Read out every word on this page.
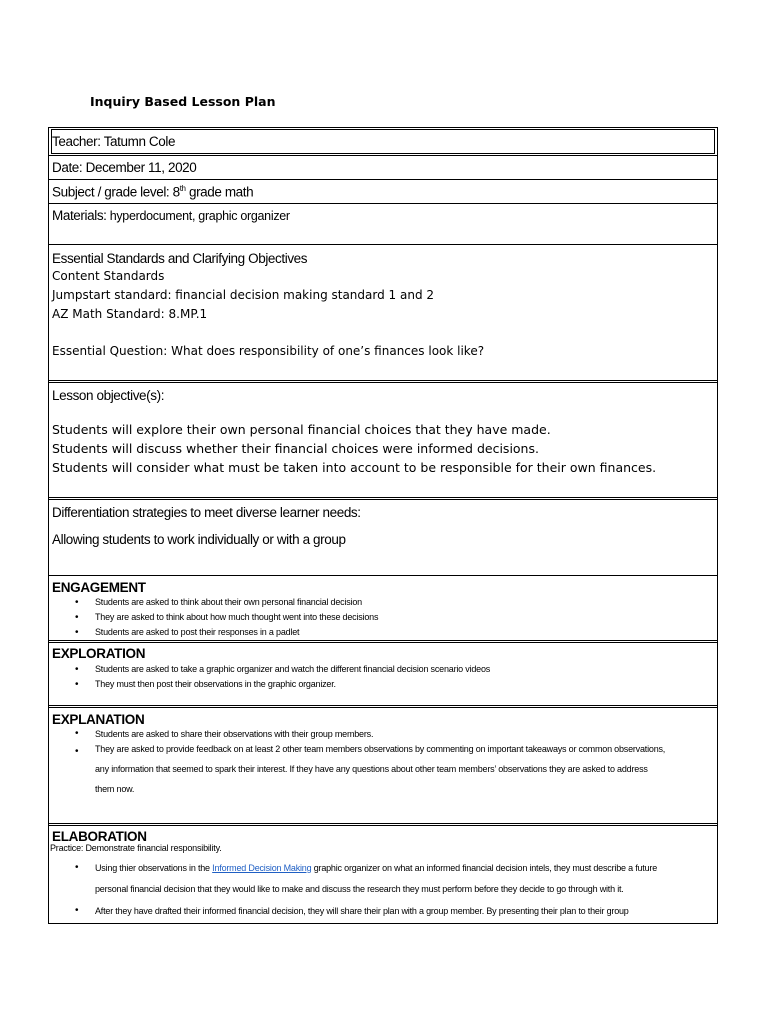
Inquiry Based Lesson Plan
Teacher: Tatumn Cole
Date: December 11, 2020
Subject / grade level: 8th grade math
Materials: hyperdocument, graphic organizer
Essential Standards and Clarifying Objectives
Content Standards
Jumpstart standard: financial decision making standard 1 and 2
AZ Math Standard: 8.MP.1
Essential Question: What does responsibility of one’s finances look like?
Lesson objective(s):
Students will explore their own personal financial choices that they have made.
Students will discuss whether their financial choices were informed decisions.
Students will consider what must be taken into account to be responsible for their own finances.
Differentiation strategies to meet diverse learner needs:
Allowing students to work individually or with a group
ENGAGEMENT
• Students are asked to think about their own personal financial decision
• They are asked to think about how much thought went into these decisions
• Students are asked to post their responses in a padlet
EXPLORATION
• Students are asked to take a graphic organizer and watch the different financial decision scenario videos
• They must then post their observations in the graphic organizer.
EXPLANATION
• Students are asked to share their observations with their group members.
• They are asked to provide feedback on at least 2 other team members observations by commenting on important takeaways or common observations,
any information that seemed to spark their interest. If they have any questions about other team members’ observations they are asked to address
them now.
ELABORATION
Practice: Demonstrate financial responsibility.
• Using thier observations in the Informed Decision Making graphic organizer on what an informed financial decision intels, they must describe a future
personal financial decision that they would like to make and discuss the research they must perform before they decide to go through with it.
• After they have drafted their informed financial decision, they will share their plan with a group member. By presenting their plan to their group
